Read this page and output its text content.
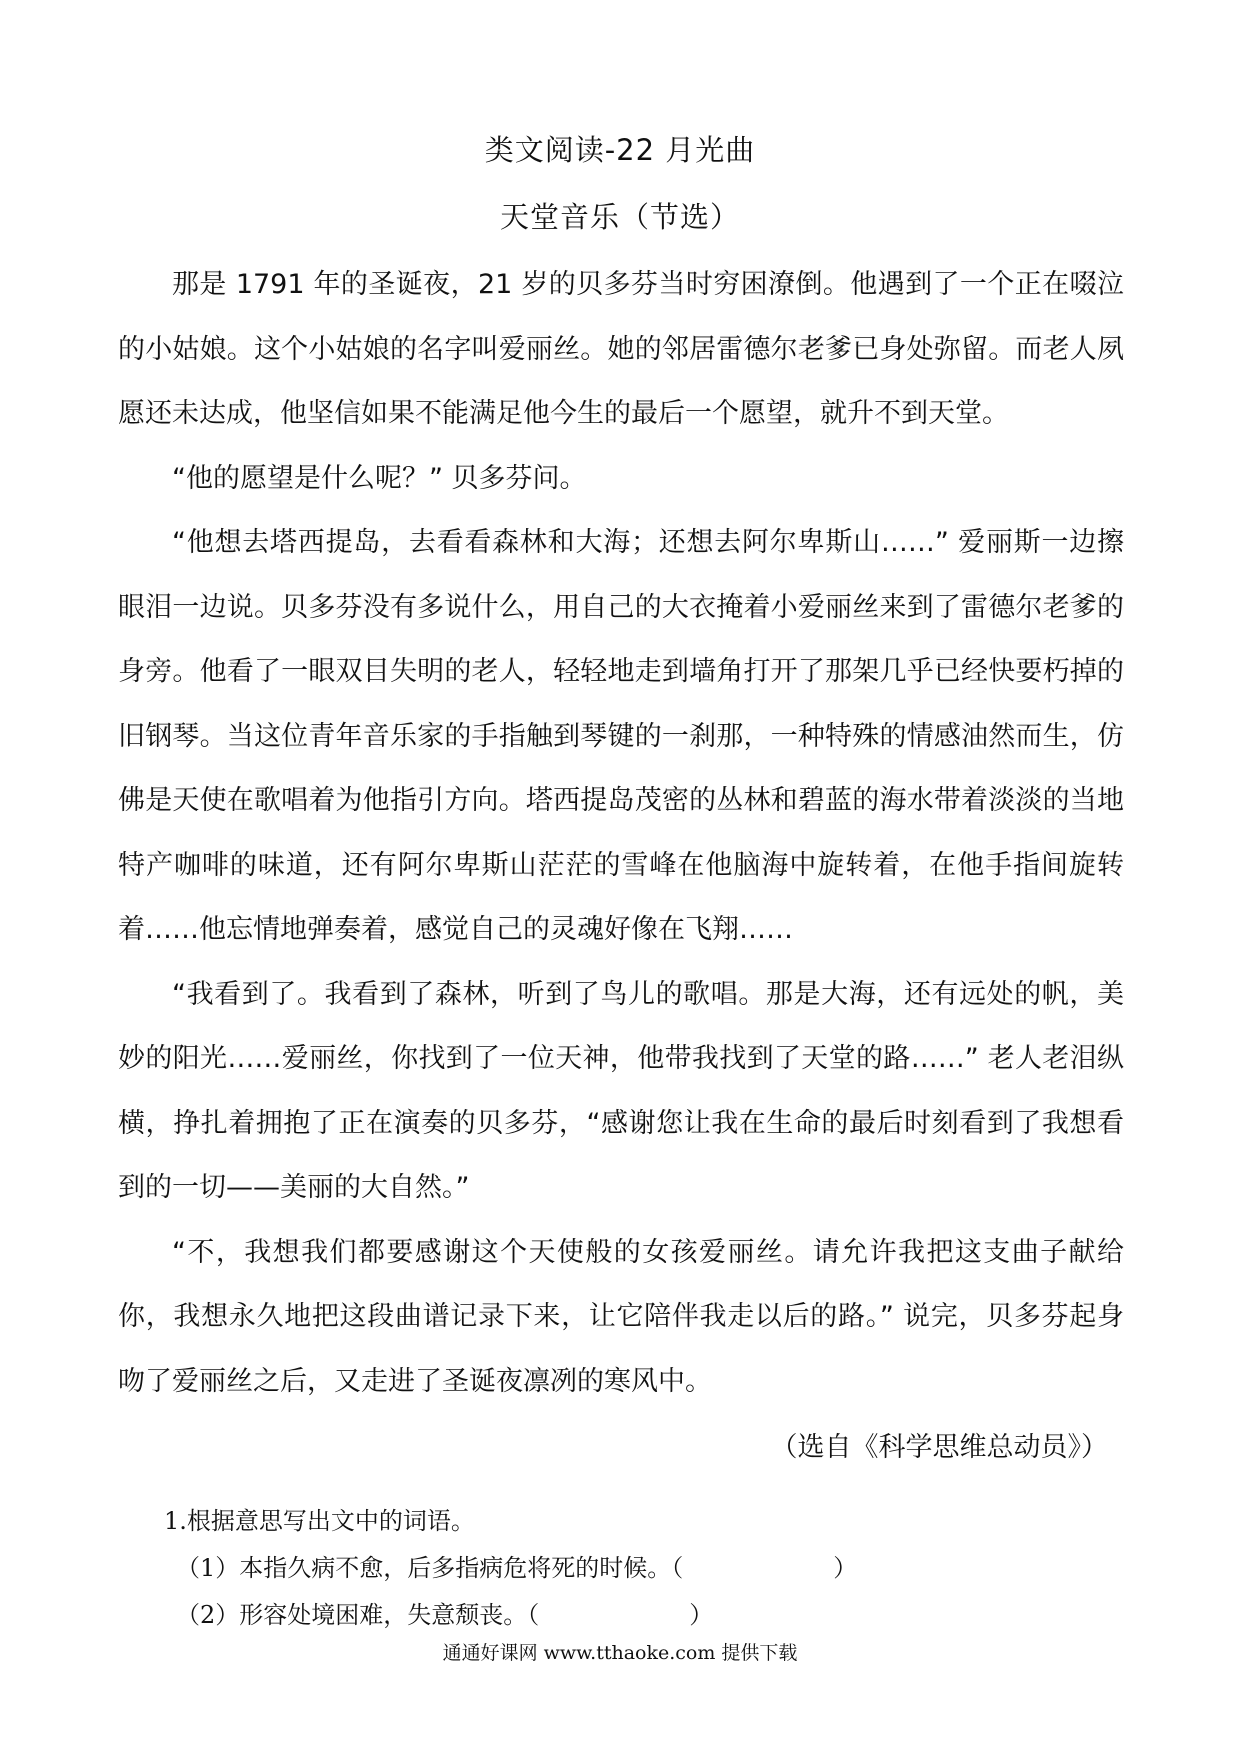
类文阅读-22 月光曲
天堂音乐（节选）

那是 1791 年的圣诞夜，21 岁的贝多芬当时穷困潦倒。他遇到了一个正在啜泣的小姑娘。这个小姑娘的名字叫爱丽丝。她的邻居雷德尔老爹已身处弥留。而老人夙愿还未达成，他坚信如果不能满足他今生的最后一个愿望，就升不到天堂。

“他的愿望是什么呢？” 贝多芬问。

“他想去塔西提岛，去看看森林和大海；还想去阿尔卑斯山……” 爱丽斯一边擦眼泪一边说。贝多芬没有多说什么，用自己的大衣掩着小爱丽丝来到了雷德尔老爹的身旁。他看了一眼双目失明的老人，轻轻地走到墙角打开了那架几乎已经快要朽掉的旧钢琴。当这位青年音乐家的手指触到琴键的一刹那，一种特殊的情感油然而生，仿佛是天使在歌唱着为他指引方向。塔西提岛茂密的丛林和碧蓝的海水带着淡淡的当地特产咖啡的味道，还有阿尔卑斯山茫茫的雪峰在他脑海中旋转着，在他手指间旋转着……他忘情地弹奏着，感觉自己的灵魂好像在飞翔……

“我看到了。我看到了森林，听到了鸟儿的歌唱。那是大海，还有远处的帆，美妙的阳光……爱丽丝，你找到了一位天神，他带我找到了天堂的路……” 老人老泪纵横，挣扎着拥抱了正在演奏的贝多芬，“感谢您让我在生命的最后时刻看到了我想看到的一切——美丽的大自然。”

“不，我想我们都要感谢这个天使般的女孩爱丽丝。请允许我把这支曲子献给你，我想永久地把这段曲谱记录下来，让它陪伴我走以后的路。” 说完，贝多芬起身吻了爱丽丝之后，又走进了圣诞夜凛冽的寒风中。

（选自《科学思维总动员》）
1.根据意思写出文中的词语。
（1）本指久病不愈，后多指病危将死的时候。（	）
（2）形容处境困难，失意颓丧。（	）
通通好课网 www.tthaoke.com 提供下载
